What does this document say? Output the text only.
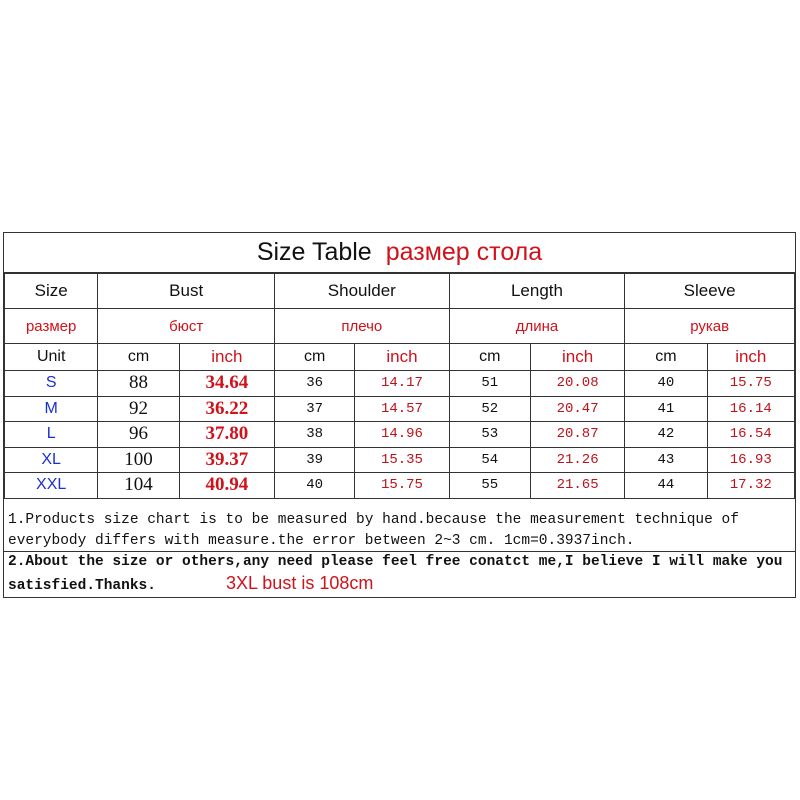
Size Table размер стола
Size	Bust		Shoulder		Length		Sleeve	
размер	бюст		плечо		длина		рукав	
Unit	cm	inch	cm	inch	cm	inch	cm	inch
S	88	34.64	36	14.17	51	20.08	40	15.75
M	92	36.22	37	14.57	52	20.47	41	16.14
L	96	37.80	38	14.96	53	20.87	42	16.54
XL	100	39.37	39	15.35	54	21.26	43	16.93
XXL	104	40.94	40	15.75	55	21.65	44	17.32
1.Products size chart is to be measured by hand.because the measurement technique of everybody differs with measure.the error between 2~3 cm. 1cm=0.3937inch.
2.About the size or others,any need please feel free conatct me,I believe I will make you satisfied.Thanks.	3XL bust is 108cm
